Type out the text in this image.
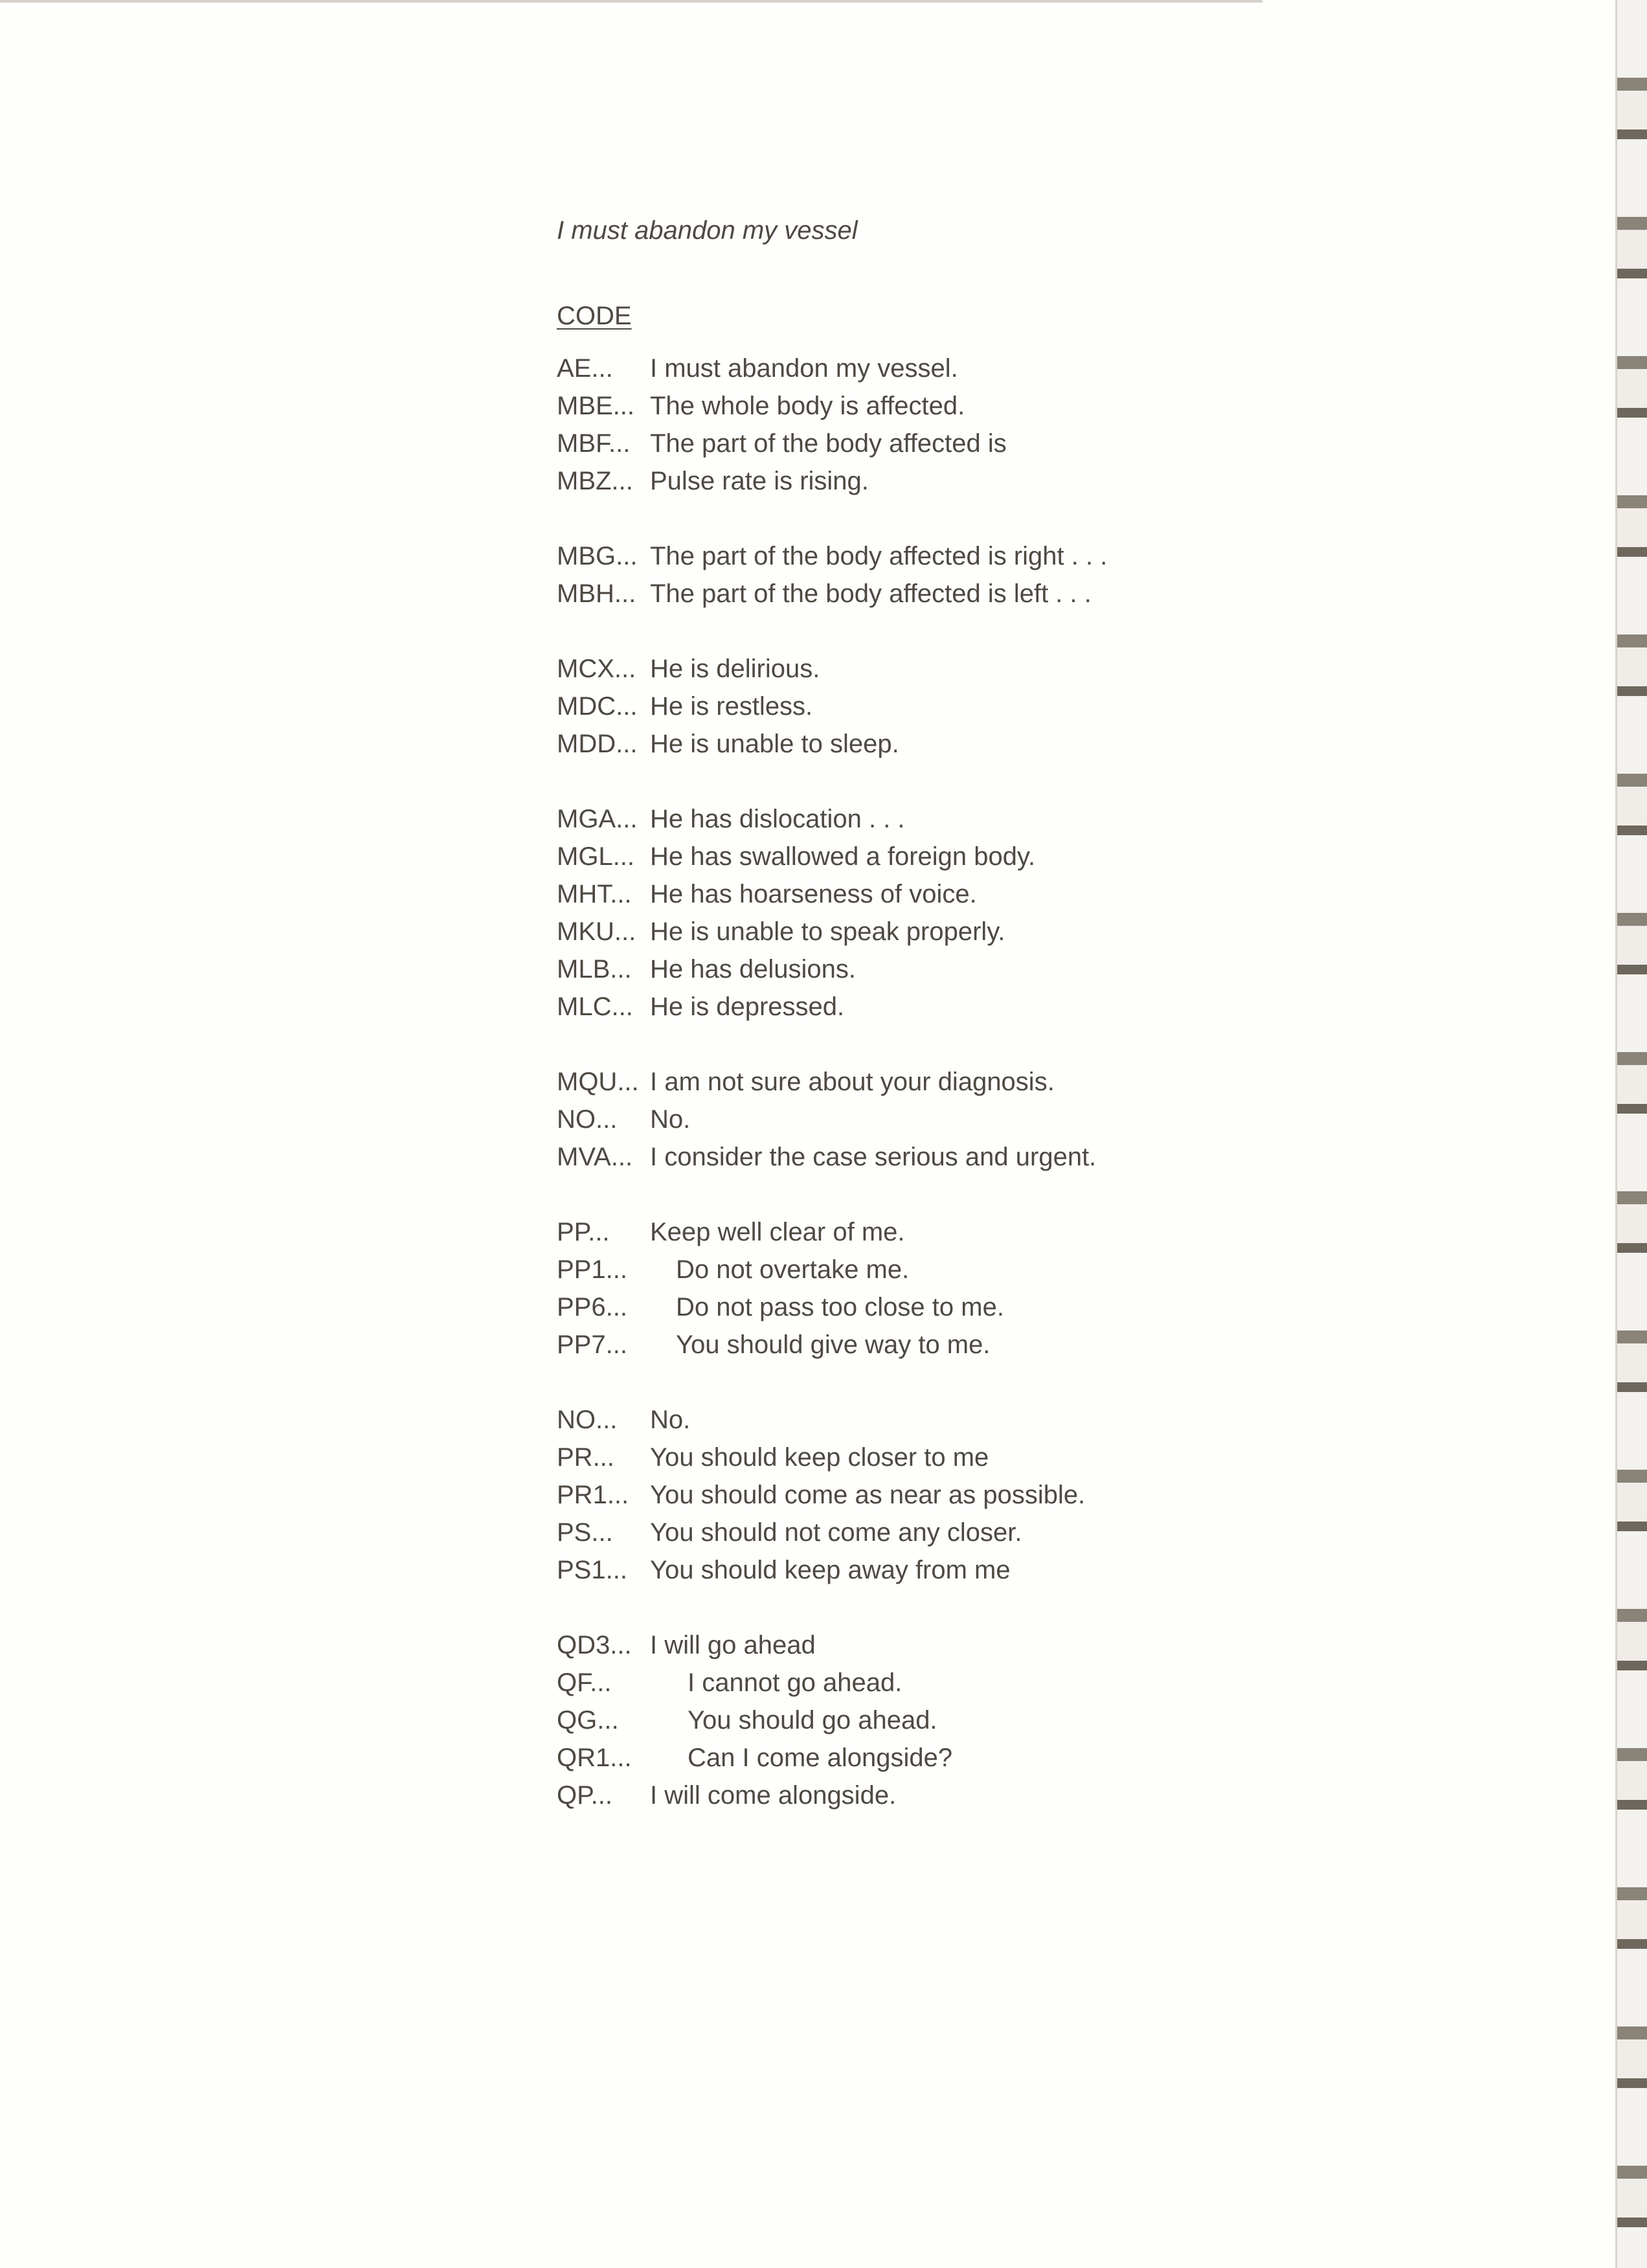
I must abandon my vessel
CODE
AE...	I must abandon my vessel.
MBE... The whole body is affected.
MBF... The part of the body affected is
MBZ... Pulse rate is rising.
MBG... The part of the body affected is right . . .
MBH... The part of the body affected is left . . .
MCX... He is delirious.
MDC... He is restless.
MDD... He is unable to sleep.
MGA... He has dislocation . . .
MGL... He has swallowed a foreign body.
MHT... He has hoarseness of voice.
MKU... He is unable to speak properly.
MLB... He has delusions.
MLC... He is depressed.
MQU... I am not sure about your diagnosis.
NO...	No.
MVA... I consider the case serious and urgent.
PP...	Keep well clear of me.
PP1...	Do not overtake me.
PP6...	Do not pass too close to me.
PP7...	You should give way to me.
NO...	No.
PR...	You should keep closer to me
PR1... You should come as near as possible.
PS...	You should not come any closer.
PS1... You should keep away from me
QD3... I will go ahead
QF...	I cannot go ahead.
QG...	You should go ahead.
QR1...	Can I come alongside?
QP...	I will come alongside.
